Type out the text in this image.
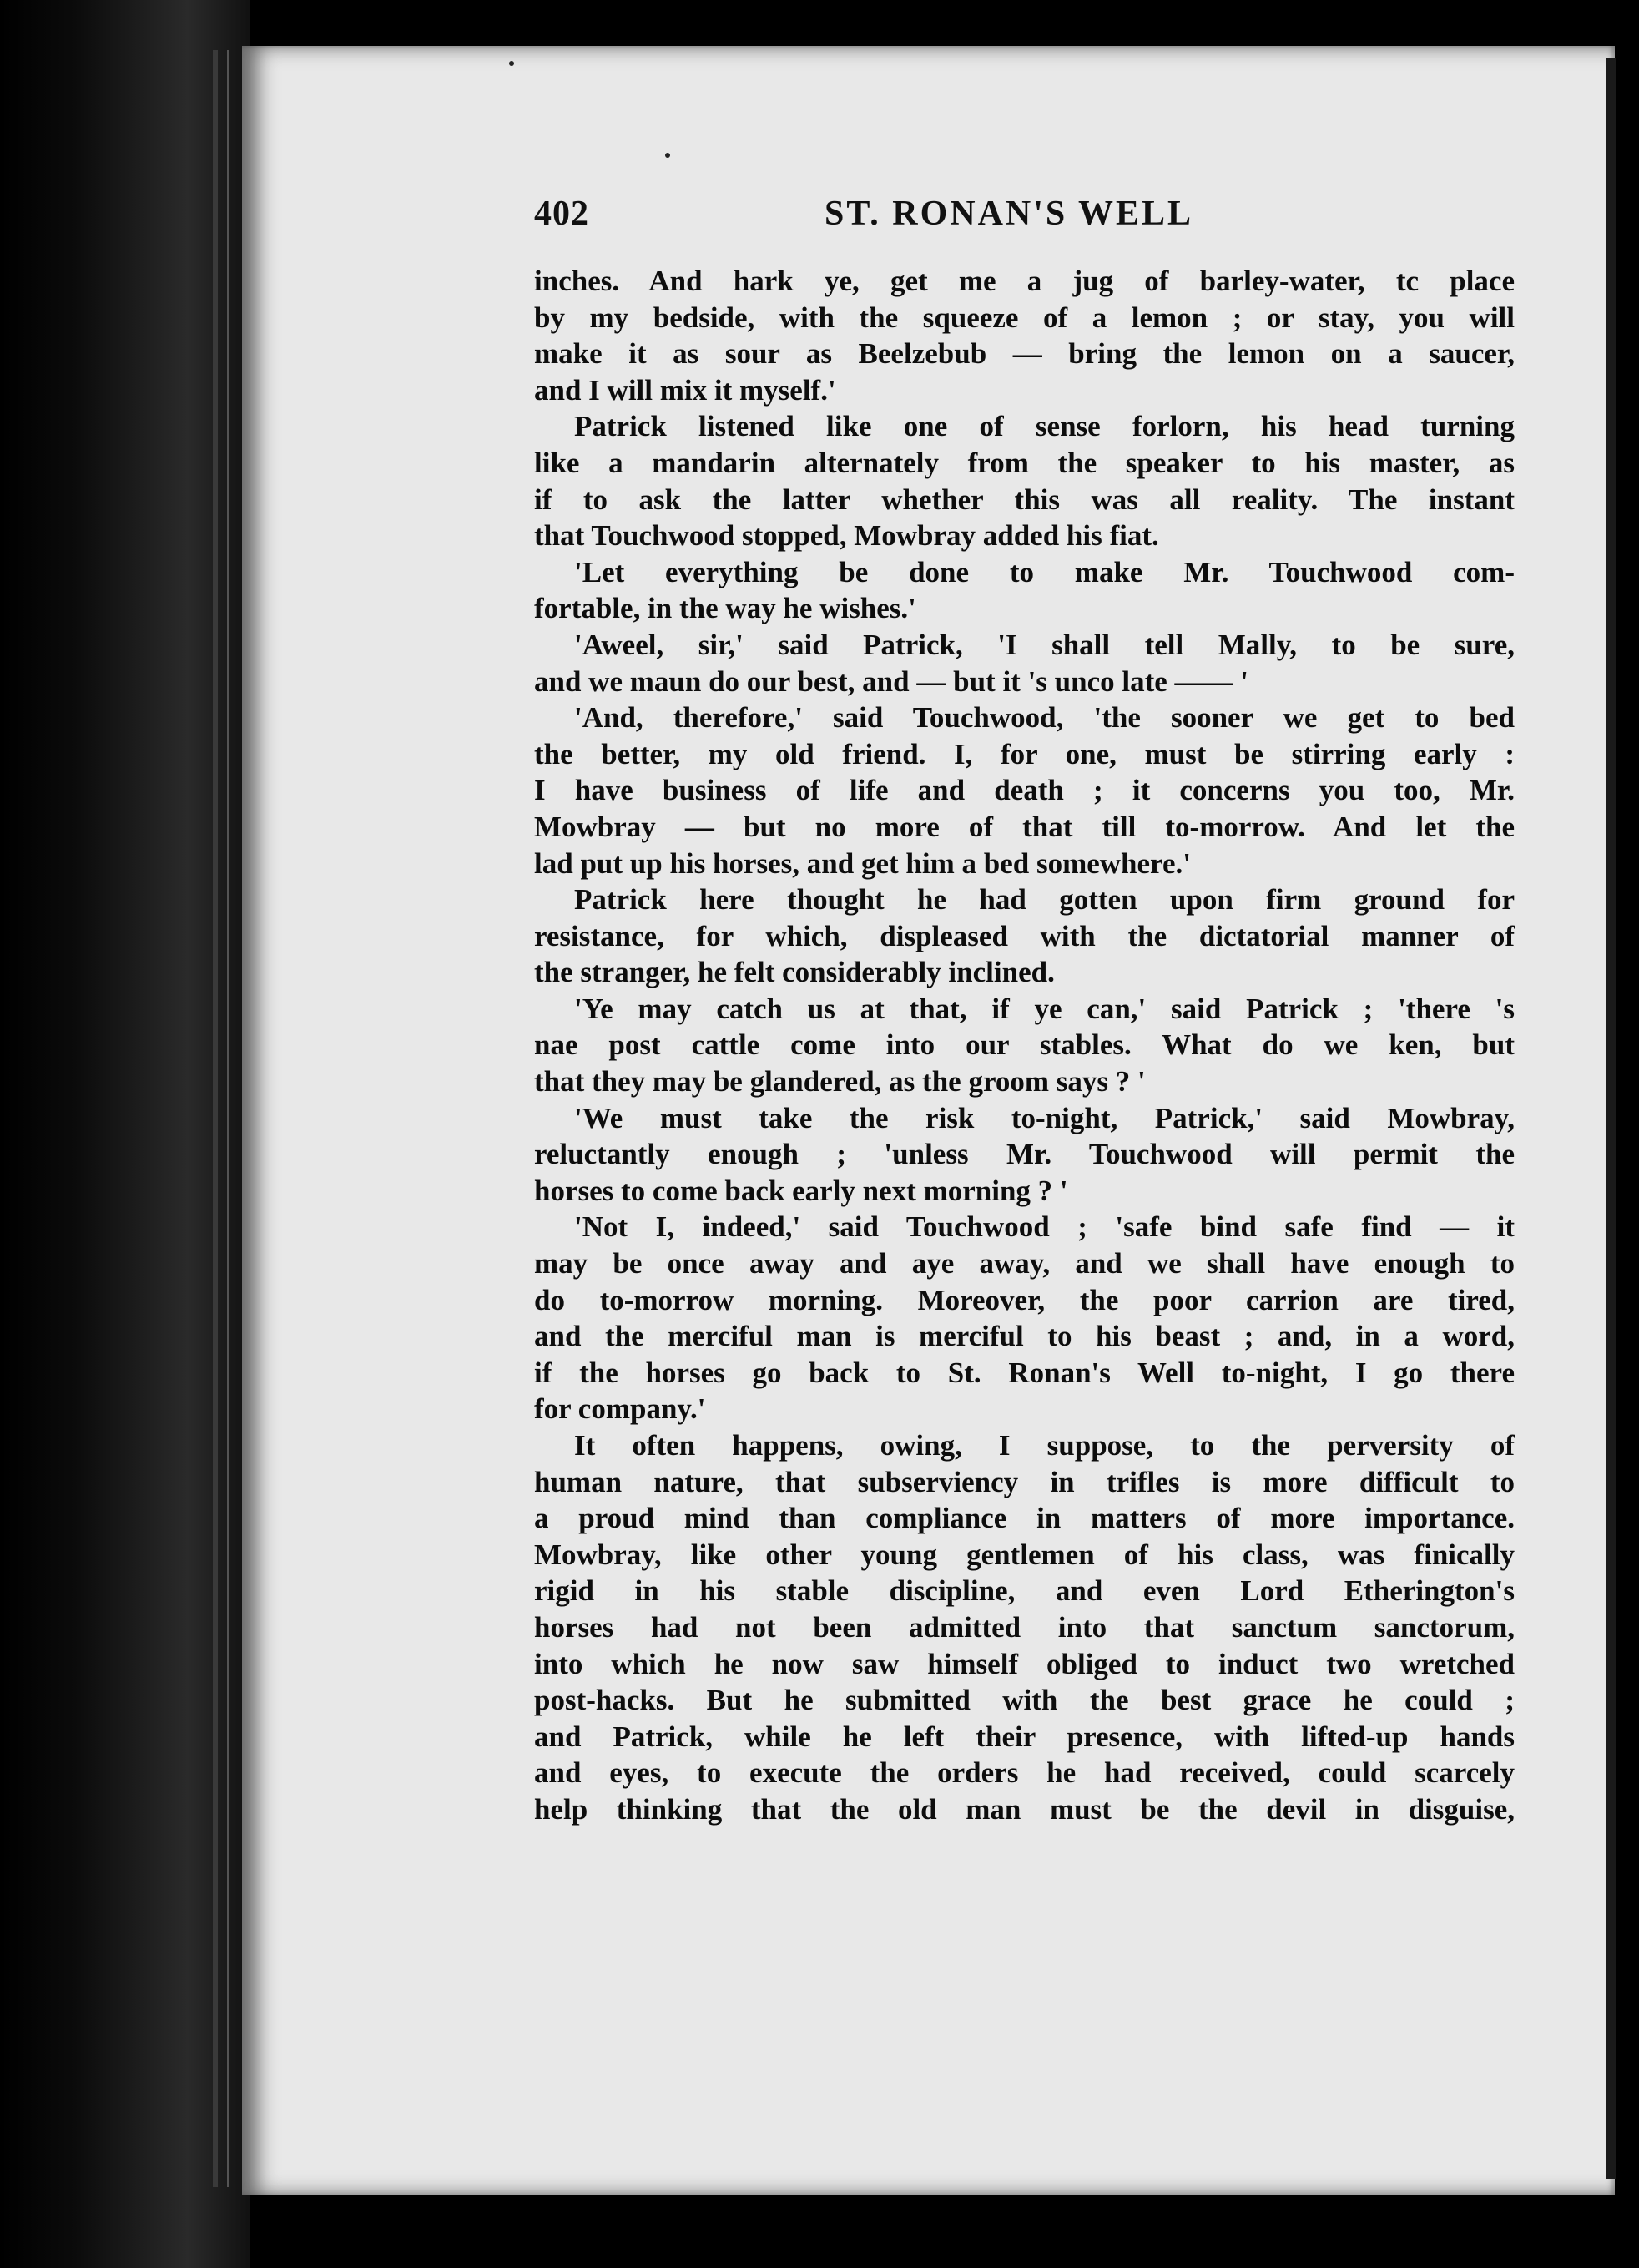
402	ST. RONAN'S WELL
inches. And hark ye, get me a jug of barley-water, tc place
by my bedside, with the squeeze of a lemon ; or stay, you will
make it as sour as Beelzebub — bring the lemon on a saucer,
and I will mix it myself.'
Patrick listened like one of sense forlorn, his head turning
like a mandarin alternately from the speaker to his master, as
if to ask the latter whether this was all reality. The instant
that Touchwood stopped, Mowbray added his fiat.
'Let everything be done to make Mr. Touchwood com-
fortable, in the way he wishes.'
'Aweel, sir,' said Patrick, 'I shall tell Mally, to be sure,
and we maun do our best, and — but it 's unco late —— '
'And, therefore,' said Touchwood, 'the sooner we get to bed
the better, my old friend. I, for one, must be stirring early :
I have business of life and death ; it concerns you too, Mr.
Mowbray — but no more of that till to-morrow. And let the
lad put up his horses, and get him a bed somewhere.'
Patrick here thought he had gotten upon firm ground for
resistance, for which, displeased with the dictatorial manner of
the stranger, he felt considerably inclined.
'Ye may catch us at that, if ye can,' said Patrick ; 'there 's
nae post cattle come into our stables. What do we ken, but
that they may be glandered, as the groom says ? '
'We must take the risk to-night, Patrick,' said Mowbray,
reluctantly enough ; 'unless Mr. Touchwood will permit the
horses to come back early next morning ? '
'Not I, indeed,' said Touchwood ; 'safe bind safe find — it
may be once away and aye away, and we shall have enough to
do to-morrow morning. Moreover, the poor carrion are tired,
and the merciful man is merciful to his beast ; and, in a word,
if the horses go back to St. Ronan's Well to-night, I go there
for company.'
It often happens, owing, I suppose, to the perversity of
human nature, that subserviency in trifles is more difficult to
a proud mind than compliance in matters of more importance.
Mowbray, like other young gentlemen of his class, was finically
rigid in his stable discipline, and even Lord Etherington's
horses had not been admitted into that sanctum sanctorum,
into which he now saw himself obliged to induct two wretched
post-hacks. But he submitted with the best grace he could ;
and Patrick, while he left their presence, with lifted-up hands
and eyes, to execute the orders he had received, could scarcely
help thinking that the old man must be the devil in disguise,
